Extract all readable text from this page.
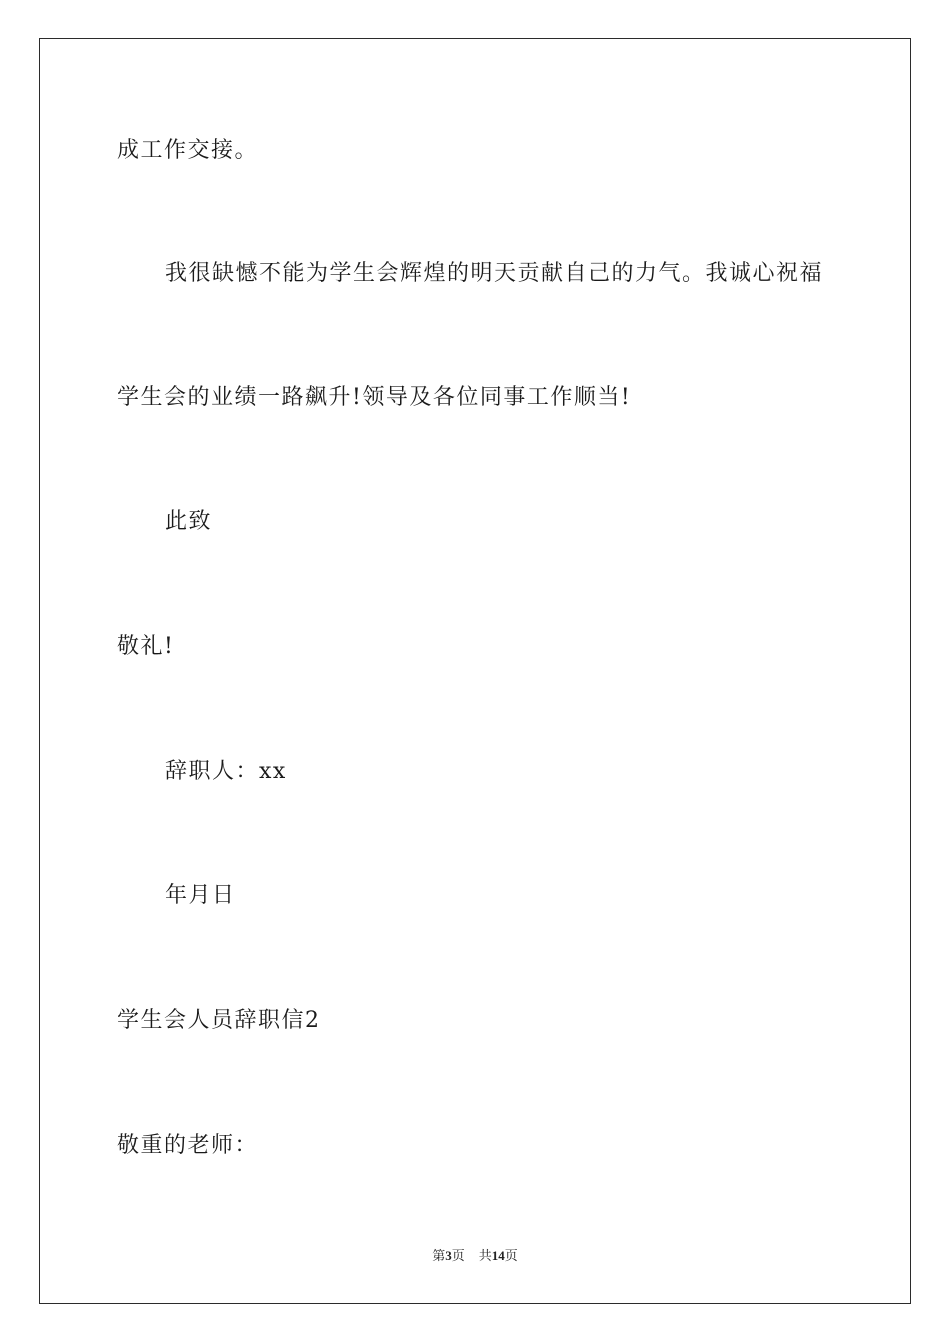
成工作交接。
我很缺憾不能为学生会辉煌的明天贡献自己的力气。我诚心祝福
学生会的业绩一路飙升!领导及各位同事工作顺当!
此致
敬礼!
辞职人：xx
年月日
学生会人员辞职信2
敬重的老师：
第3页 共14页
